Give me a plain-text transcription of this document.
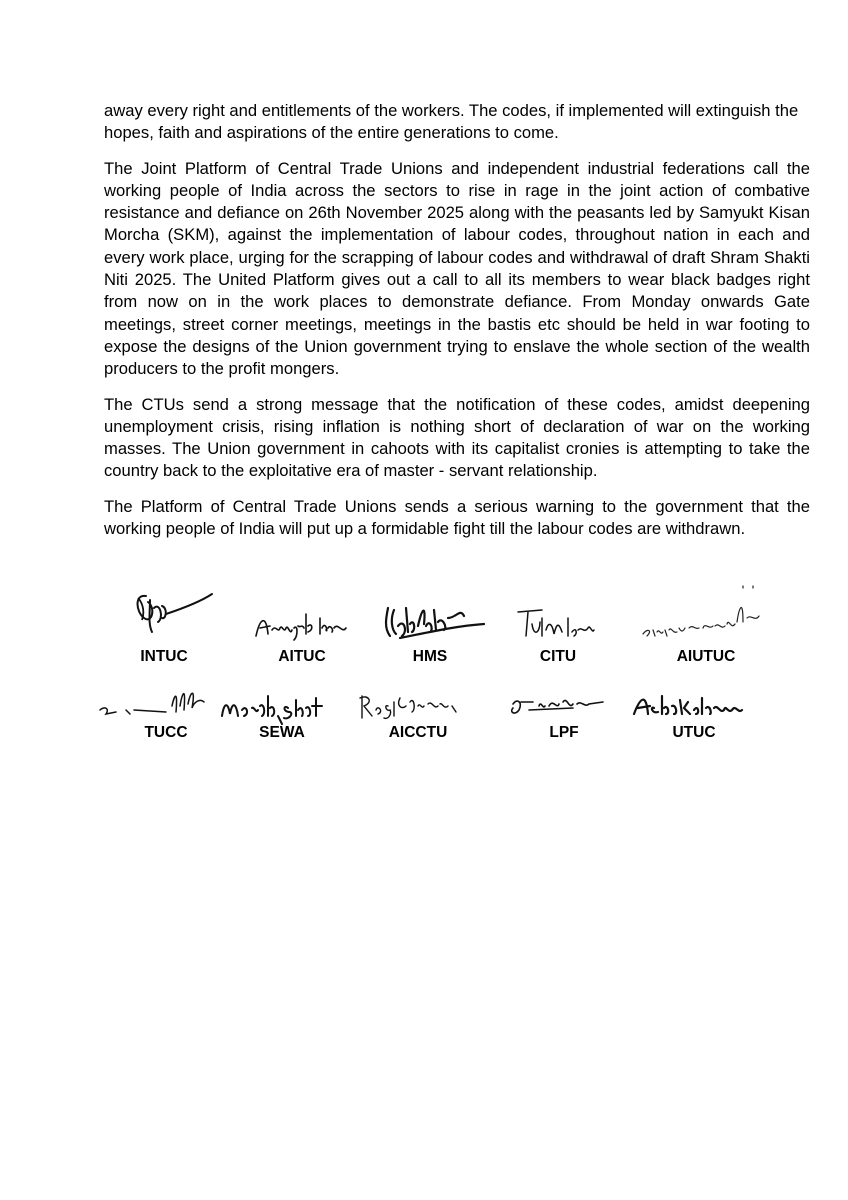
away every right and entitlements of the workers. The codes, if implemented will extinguish the hopes, faith and aspirations of the entire generations to come.

The Joint Platform of Central Trade Unions and independent industrial federations call the working people of India across the sectors to rise in rage in the joint action of combative resistance and defiance on 26th November 2025 along with the peasants led by Samyukt Kisan Morcha (SKM), against the implementation of labour codes, throughout nation in each and every work place, urging for the scrapping of labour codes and withdrawal of draft Shram Shakti Niti 2025. The United Platform gives out a call to all its members to wear black badges right from now on in the work places to demonstrate defiance. From Monday onwards Gate meetings, street corner meetings, meetings in the bastis etc should be held in war footing to expose the designs of the Union government trying to enslave the whole section of the wealth producers to the profit mongers.

The CTUs send a strong message that the notification of these codes, amidst deepening unemployment crisis, rising inflation is nothing short of declaration of war on the working masses. The Union government in cahoots with its capitalist cronies is attempting to take the country back to the exploitative era of master - servant relationship.

The Platform of Central Trade Unions sends a serious warning to the government that the working people of India will put up a formidable fight till the labour codes are withdrawn.

INTUC	AITUC	HMS	CITU	AIUTUC
TUCC	SEWA	AICCTU	LPF	UTUC
